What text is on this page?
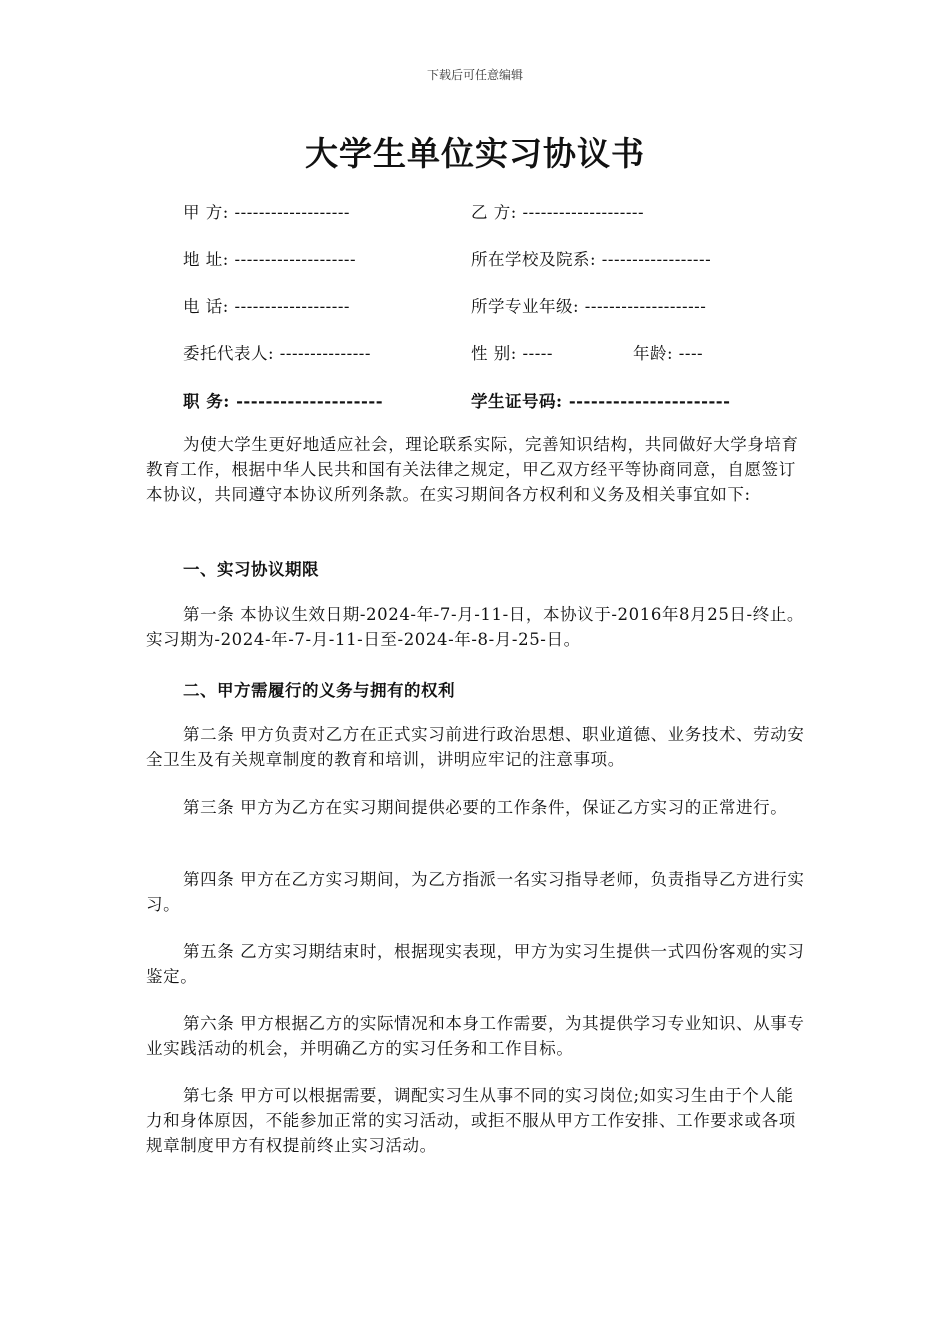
下载后可任意编辑
大学生单位实习协议书
甲 方: -------------------	乙 方: --------------------
地 址: --------------------	所在学校及院系: ------------------
电 话: -------------------	所学专业年级: --------------------
委托代表人: ---------------	性 别: -----	年龄: ----
职 务: --------------------	学生证号码: ----------------------
为使大学生更好地适应社会，理论联系实际，完善知识结构，共同做好大学身培育教育工作，根据中华人民共和国有关法律之规定，甲乙双方经平等协商同意，自愿签订本协议，共同遵守本协议所列条款。在实习期间各方权利和义务及相关事宜如下:
一、实习协议期限
第一条 本协议生效日期-2024-年-7-月-11-日，本协议于-2016年8月25日-终止。实习期为-2024-年-7-月-11-日至-2024-年-8-月-25-日。
二、甲方需履行的义务与拥有的权利
第二条 甲方负责对乙方在正式实习前进行政治思想、职业道德、业务技术、劳动安全卫生及有关规章制度的教育和培训，讲明应牢记的注意事项。
第三条 甲方为乙方在实习期间提供必要的工作条件，保证乙方实习的正常进行。
第四条 甲方在乙方实习期间，为乙方指派一名实习指导老师，负责指导乙方进行实习。
第五条 乙方实习期结束时，根据现实表现，甲方为实习生提供一式四份客观的实习鉴定。
第六条 甲方根据乙方的实际情况和本身工作需要，为其提供学习专业知识、从事专业实践活动的机会，并明确乙方的实习任务和工作目标。
第七条 甲方可以根据需要，调配实习生从事不同的实习岗位;如实习生由于个人能力和身体原因，不能参加正常的实习活动，或拒不服从甲方工作安排、工作要求或各项规章制度甲方有权提前终止实习活动。
